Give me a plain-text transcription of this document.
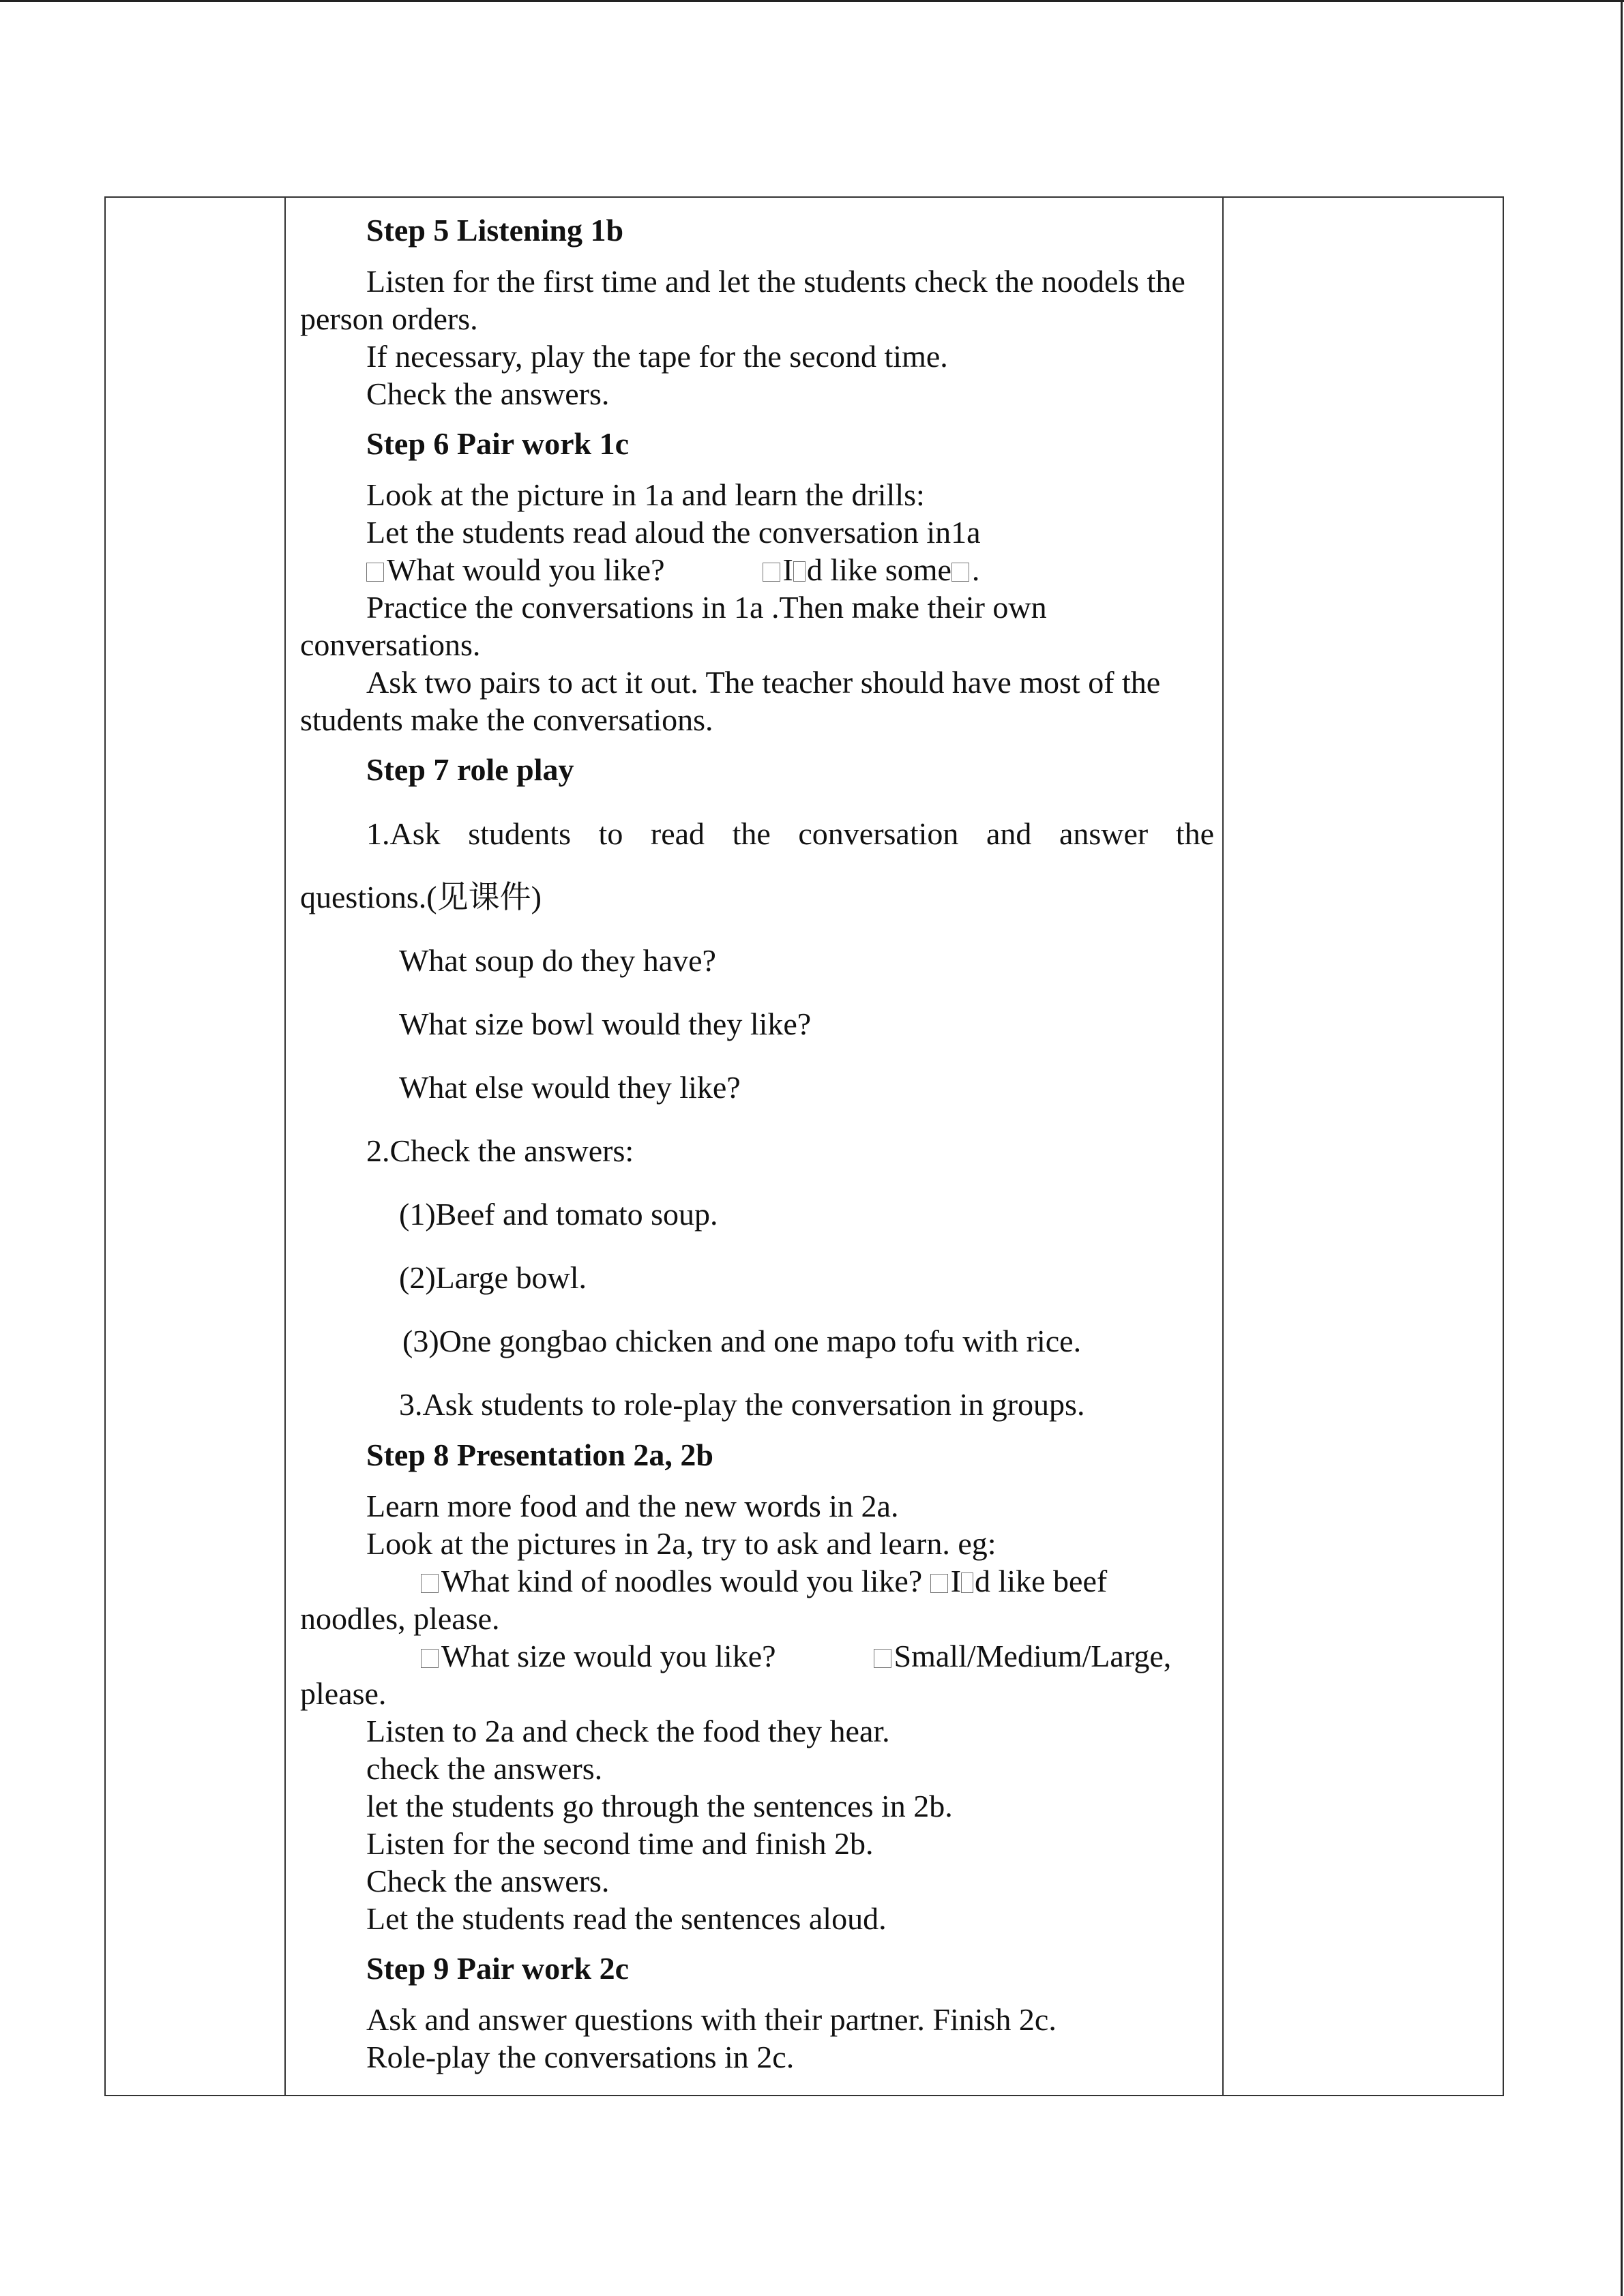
Step 5 Listening 1b

Listen for the first time and let the students check the noodels the person orders.

If necessary, play the tape for the second time.

Check the answers.

Step 6 Pair work 1c

Look at the picture in 1a and learn the drills:

Let the students read aloud the conversation in1a

What would you like?	I d like some .

Practice the conversations in 1a .Then make their own conversations.

Ask two pairs to act it out. The teacher should have most of the students make the conversations.

Step 7 role play

1.Ask students to read the conversation and answer the

questions.(见课件)

What soup do they have?

What size bowl would they like?

What else would they like?

2.Check the answers:

(1)Beef and tomato soup.

(2)Large bowl.

(3)One gongbao chicken and one mapo tofu with rice.

3.Ask students to role-play the conversation in groups.

Step 8 Presentation 2a, 2b

Learn more food and the new words in 2a.

Look at the pictures in 2a, try to ask and learn. eg:

What kind of noodles would you like? I d like beef

noodles, please.

What size would you like?	Small/Medium/Large,

please.

Listen to 2a and check the food they hear.

check the answers.

let the students go through the sentences in 2b.

Listen for the second time and finish 2b.

Check the answers.

Let the students read the sentences aloud.

Step 9 Pair work 2c

Ask and answer questions with their partner. Finish 2c.

Role-play the conversations in 2c.
